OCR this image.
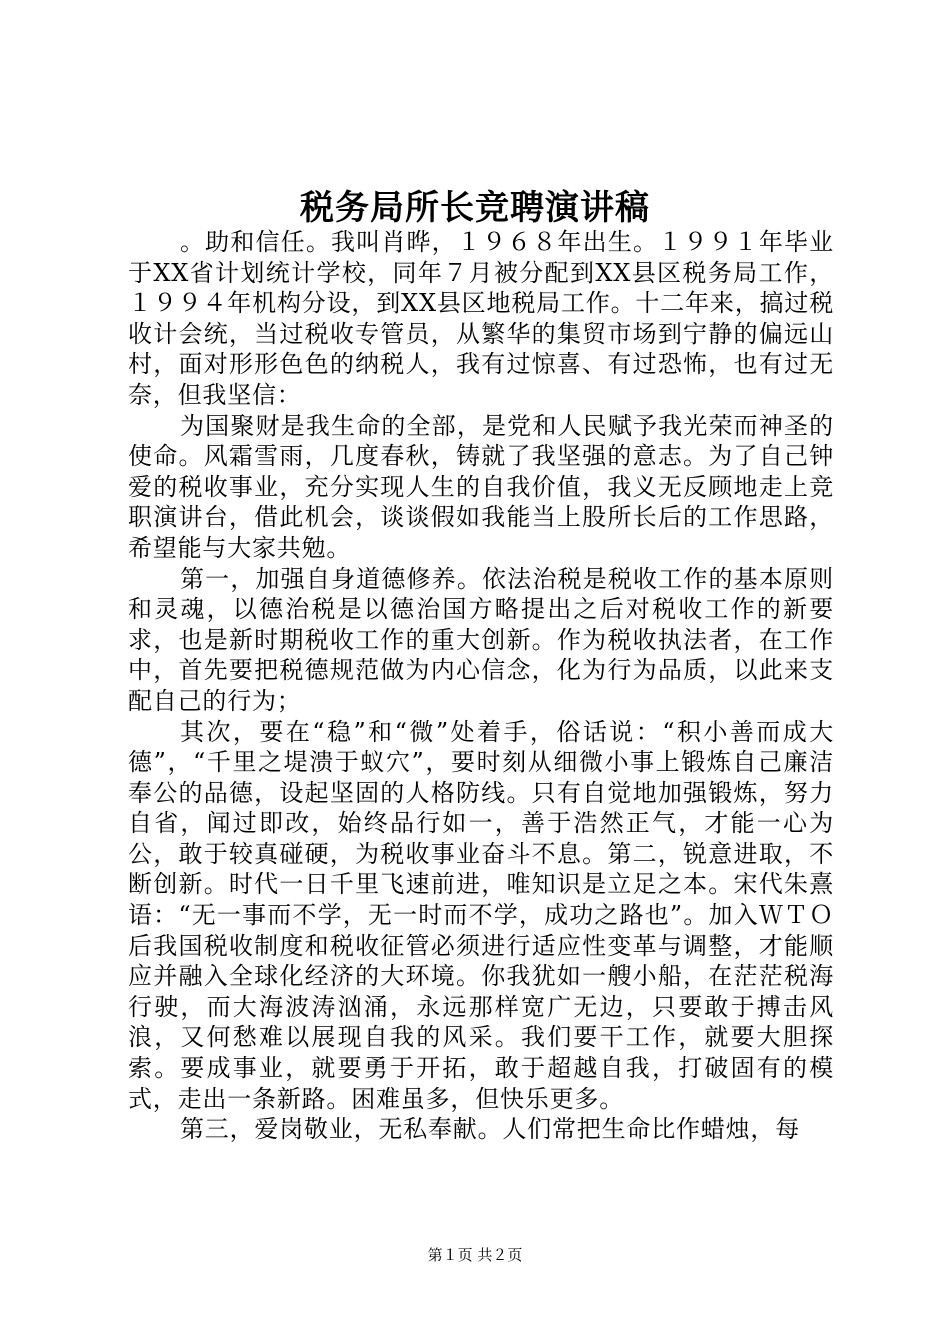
税务局所长竞聘演讲稿

。助和信任。我叫肖晔，１９６８年出生。１９９１年毕业于XX省计划统计学校，同年７月被分配到XX县区税务局工作，１９９４年机构分设，到XX县区地税局工作。十二年来，搞过税收计会统，当过税收专管员，从繁华的集贸市场到宁静的偏远山村，面对形形色色的纳税人，我有过惊喜、有过恐怖，也有过无奈，但我坚信：

为国聚财是我生命的全部，是党和人民赋予我光荣而神圣的使命。风霜雪雨，几度春秋，铸就了我坚强的意志。为了自己钟爱的税收事业，充分实现人生的自我价值，我义无反顾地走上竞职演讲台，借此机会，谈谈假如我能当上股所长后的工作思路，希望能与大家共勉。

第一，加强自身道德修养。依法治税是税收工作的基本原则和灵魂，以德治税是以德治国方略提出之后对税收工作的新要求，也是新时期税收工作的重大创新。作为税收执法者，在工作中，首先要把税德规范做为内心信念，化为行为品质，以此来支配自己的行为；

其次，要在“稳”和“微”处着手，俗话说：“积小善而成大德”，“千里之堤溃于蚁穴”，要时刻从细微小事上锻炼自己廉洁奉公的品德，设起坚固的人格防线。只有自觉地加强锻炼，努力自省，闻过即改，始终品行如一，善于浩然正气，才能一心为公，敢于较真碰硬，为税收事业奋斗不息。第二，锐意进取，不断创新。时代一日千里飞速前进，唯知识是立足之本。宋代朱熹语：“无一事而不学，无一时而不学，成功之路也”。加入ＷＴＯ后我国税收制度和税收征管必须进行适应性变革与调整，才能顺应并融入全球化经济的大环境。你我犹如一艘小船，在茫茫税海行驶，而大海波涛汹涌，永远那样宽广无边，只要敢于搏击风浪，又何愁难以展现自我的风采。我们要干工作，就要大胆探索。要成事业，就要勇于开拓，敢于超越自我，打破固有的模式，走出一条新路。困难虽多，但快乐更多。

第三，爱岗敬业，无私奉献。人们常把生命比作蜡烛，每

第１页 共２页
